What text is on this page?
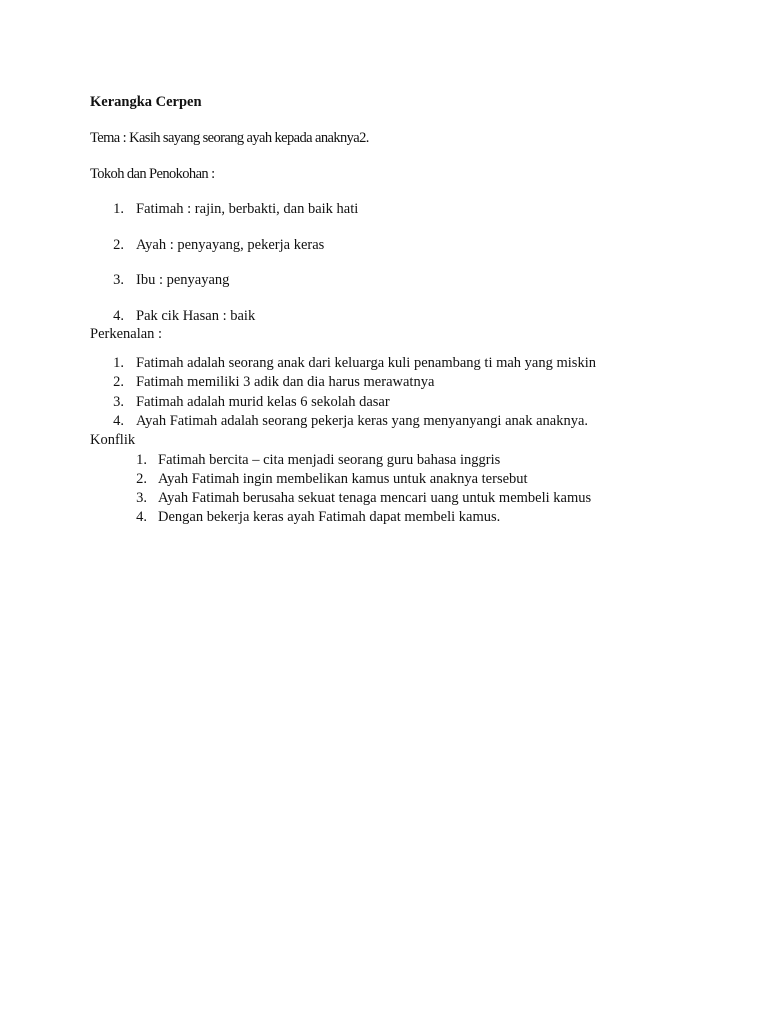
Kerangka Cerpen
Tema : Kasih sayang seorang ayah kepada anaknya2.
Tokoh dan Penokohan :
1. Fatimah : rajin, berbakti, dan baik hati
2. Ayah : penyayang, pekerja keras
3. Ibu : penyayang
4. Pak cik Hasan : baik
Perkenalan :
1. Fatimah adalah seorang anak dari keluarga kuli penambang ti mah yang miskin
2. Fatimah memiliki 3 adik dan dia harus merawatnya
3. Fatimah adalah murid kelas 6 sekolah dasar
4. Ayah Fatimah adalah seorang pekerja keras yang menyanyangi anak anaknya.
Konflik
1. Fatimah bercita – cita menjadi seorang guru bahasa inggris
2. Ayah Fatimah ingin membelikan kamus untuk anaknya tersebut
3. Ayah Fatimah berusaha sekuat tenaga mencari uang untuk membeli kamus
4. Dengan bekerja keras ayah Fatimah dapat membeli kamus.
